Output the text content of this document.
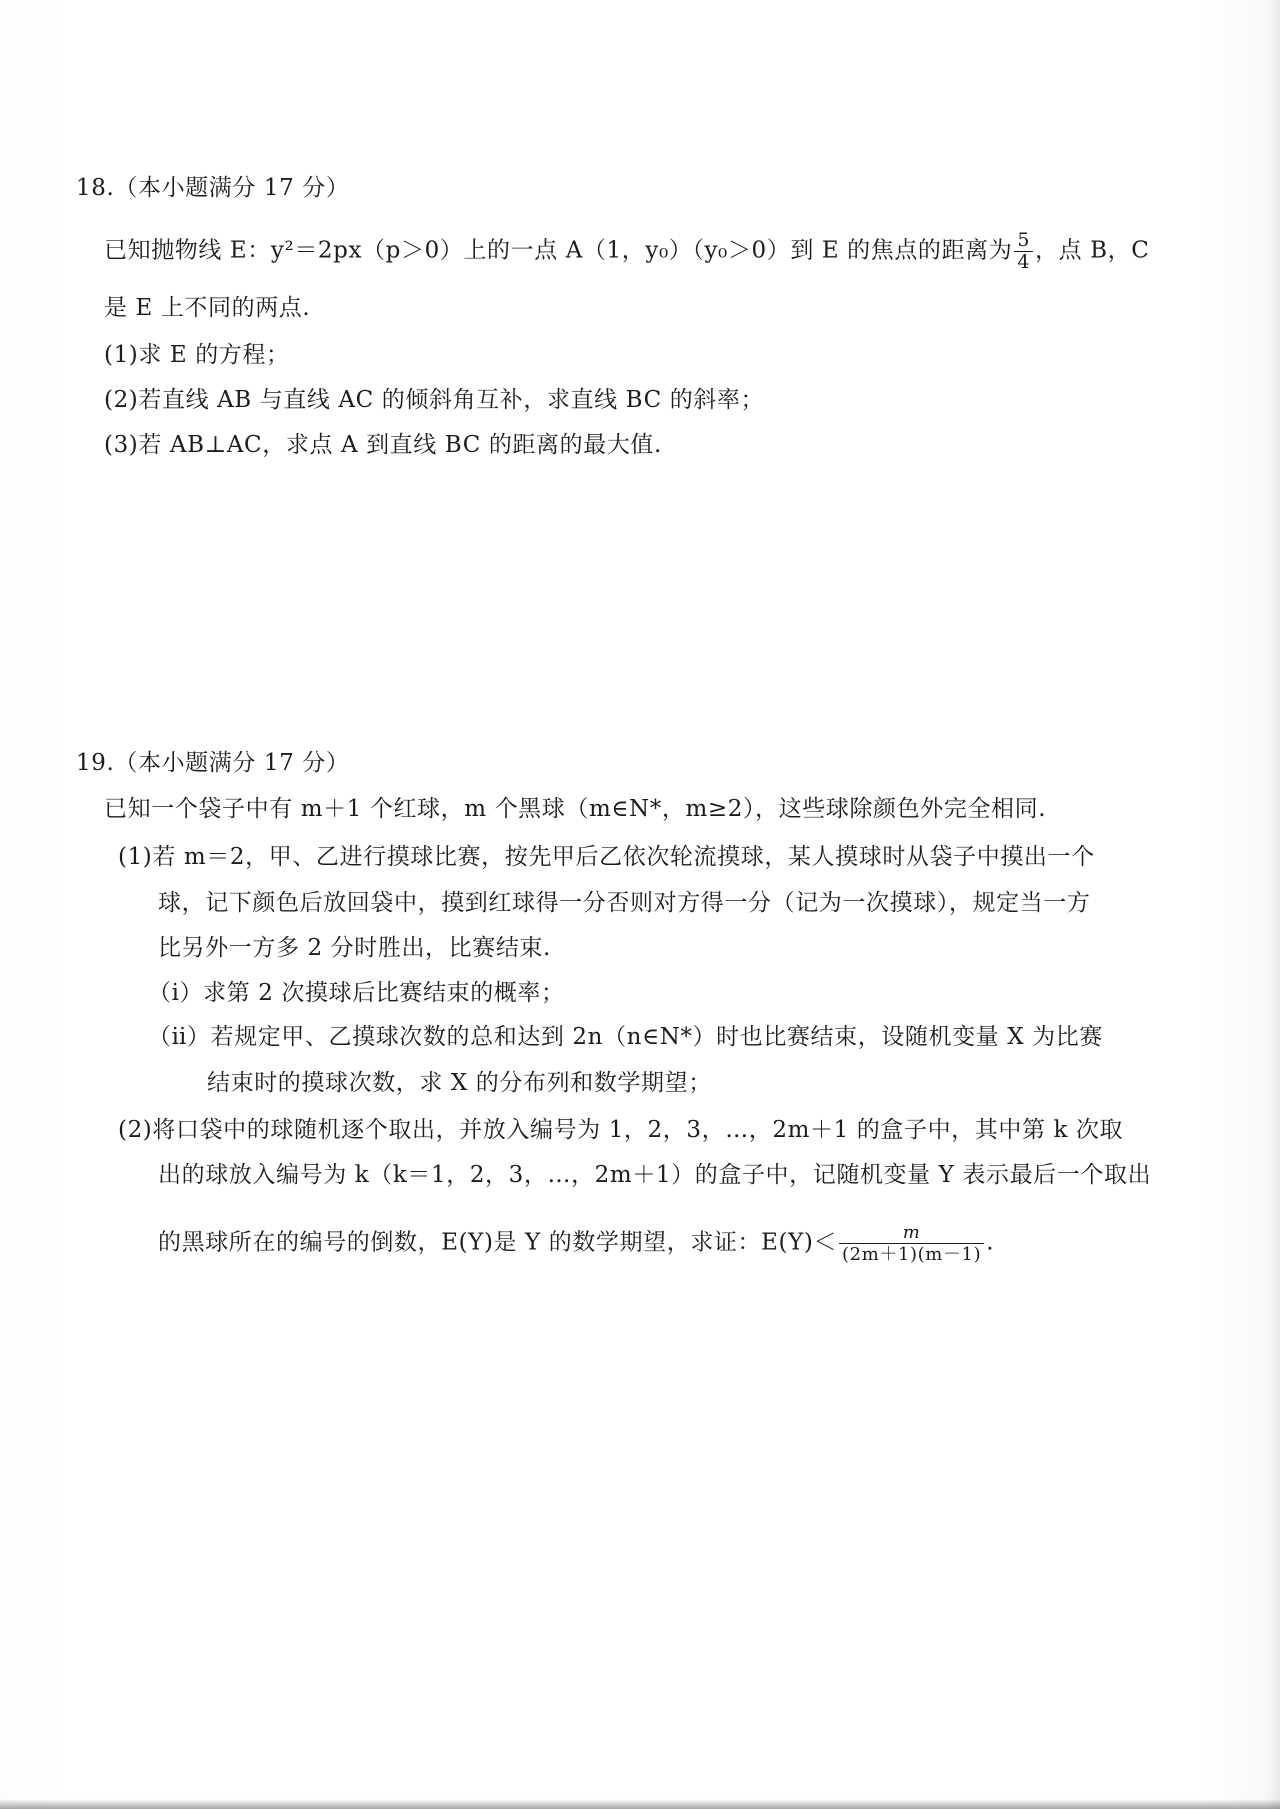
18.（本小题满分 17 分）
已知抛物线 E：y²＝2px（p＞0）上的一点 A（1，y₀）（y₀＞0）到 E 的焦点的距离为 $\frac{5}{4}$ ，点 B，C
是 E 上不同的两点.
(1)求 E 的方程；
(2)若直线 AB 与直线 AC 的倾斜角互补，求直线 BC 的斜率；
(3)若 AB⊥AC，求点 A 到直线 BC 的距离的最大值.
19.（本小题满分 17 分）
已知一个袋子中有 m＋1 个红球，m 个黑球（m∈N*，m≥2），这些球除颜色外完全相同.
(1)若 m＝2，甲、乙进行摸球比赛，按先甲后乙依次轮流摸球，某人摸球时从袋子中摸出一个
球，记下颜色后放回袋中，摸到红球得一分否则对方得一分（记为一次摸球），规定当一方
比另外一方多 2 分时胜出，比赛结束.
（ⅰ）求第 2 次摸球后比赛结束的概率；
（ⅱ）若规定甲、乙摸球次数的总和达到 2n（n∈N*）时也比赛结束，设随机变量 X 为比赛
结束时的摸球次数，求 X 的分布列和数学期望；
(2)将口袋中的球随机逐个取出，并放入编号为 1，2，3，…，2m＋1 的盒子中，其中第 k 次取
出的球放入编号为 k（k＝1，2，3，…，2m＋1）的盒子中，记随机变量 Y 表示最后一个取出
的黑球所在的编号的倒数，E(Y)是 Y 的数学期望，求证：$E(Y)< \frac{m}{(2m+1)(m-1)}$ .
